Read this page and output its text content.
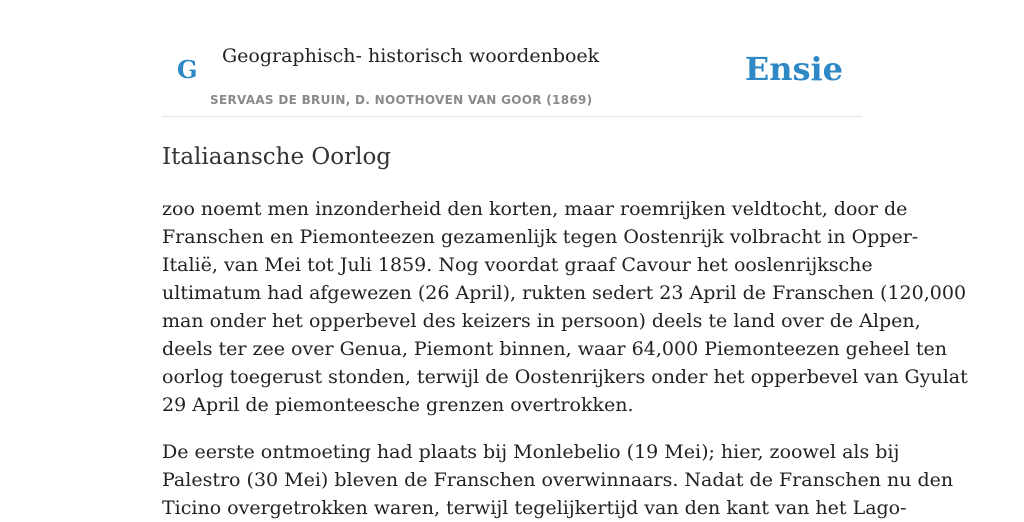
G Geographisch- historisch woordenboek
SERVAAS DE BRUIN, D. NOOTHOVEN VAN GOOR (1869)
Ensie
Italiaansche Oorlog

zoo noemt men inzonderheid den korten, maar roemrijken veldtocht, door de
Franschen en Piemonteezen gezamenlijk tegen Oostenrijk volbracht in Opper-
Italië, van Mei tot Juli 1859. Nog voordat graaf Cavour het ooslenrijksche
ultimatum had afgewezen (26 April), rukten sedert 23 April de Franschen (120,000
man onder het opperbevel des keizers in persoon) deels te land over de Alpen,
deels ter zee over Genua, Piemont binnen, waar 64,000 Piemonteezen geheel ten
oorlog toegerust stonden, terwijl de Oostenrijkers onder het opperbevel van Gyulat
29 April de piemonteesche grenzen overtrokken.

De eerste ontmoeting had plaats bij Monlebelio (19 Mei); hier, zoowel als bij
Palestro (30 Mei) bleven de Franschen overwinnaars. Nadat de Franschen nu den
Ticino overgetrokken waren, terwijl tegelijkertijd van den kant van het Lago-
